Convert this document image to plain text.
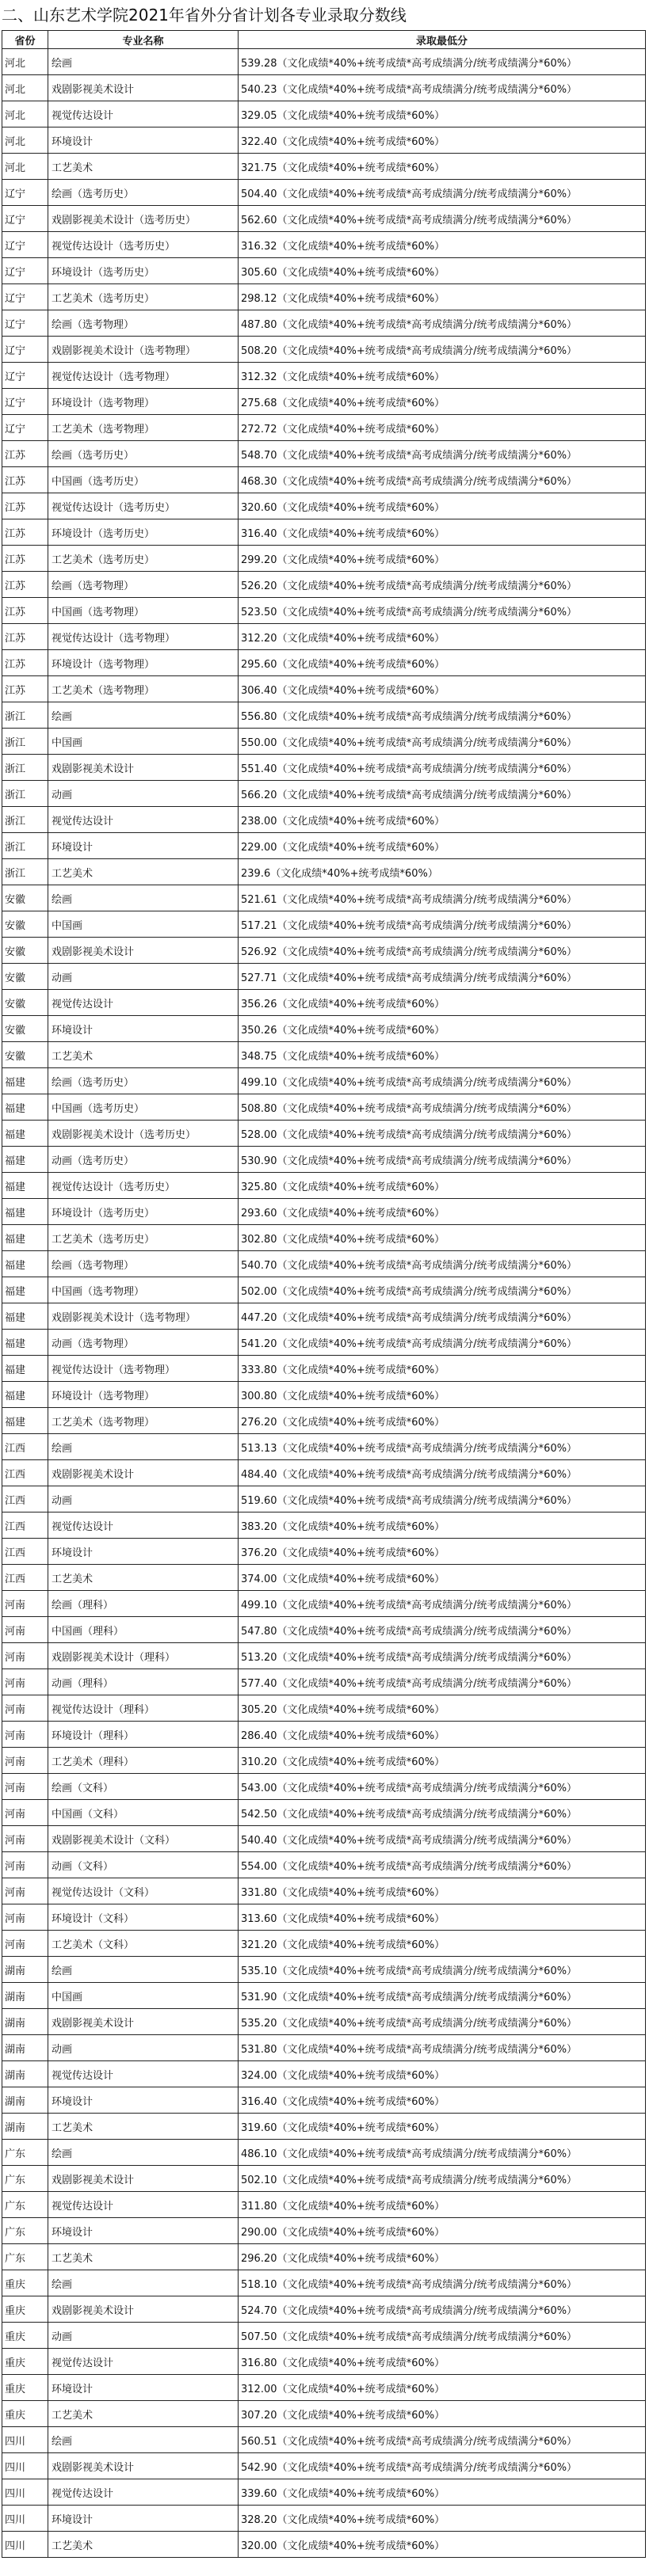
二、山东艺术学院2021年省外分省计划各专业录取分数线
省份	专业名称	录取最低分
河北	绘画	539.28（文化成绩*40%+统考成绩*高考成绩满分/统考成绩满分*60%）
河北	戏剧影视美术设计	540.23（文化成绩*40%+统考成绩*高考成绩满分/统考成绩满分*60%）
河北	视觉传达设计	329.05（文化成绩*40%+统考成绩*60%）
河北	环境设计	322.40（文化成绩*40%+统考成绩*60%）
河北	工艺美术	321.75（文化成绩*40%+统考成绩*60%）
辽宁	绘画（选考历史）	504.40（文化成绩*40%+统考成绩*高考成绩满分/统考成绩满分*60%）
辽宁	戏剧影视美术设计（选考历史）	562.60（文化成绩*40%+统考成绩*高考成绩满分/统考成绩满分*60%）
辽宁	视觉传达设计（选考历史）	316.32（文化成绩*40%+统考成绩*60%）
辽宁	环境设计（选考历史）	305.60（文化成绩*40%+统考成绩*60%）
辽宁	工艺美术（选考历史）	298.12（文化成绩*40%+统考成绩*60%）
辽宁	绘画（选考物理）	487.80（文化成绩*40%+统考成绩*高考成绩满分/统考成绩满分*60%）
辽宁	戏剧影视美术设计（选考物理）	508.20（文化成绩*40%+统考成绩*高考成绩满分/统考成绩满分*60%）
辽宁	视觉传达设计（选考物理）	312.32（文化成绩*40%+统考成绩*60%）
辽宁	环境设计（选考物理）	275.68（文化成绩*40%+统考成绩*60%）
辽宁	工艺美术（选考物理）	272.72（文化成绩*40%+统考成绩*60%）
江苏	绘画（选考历史）	548.70（文化成绩*40%+统考成绩*高考成绩满分/统考成绩满分*60%）
江苏	中国画（选考历史）	468.30（文化成绩*40%+统考成绩*高考成绩满分/统考成绩满分*60%）
江苏	视觉传达设计（选考历史）	320.60（文化成绩*40%+统考成绩*60%）
江苏	环境设计（选考历史）	316.40（文化成绩*40%+统考成绩*60%）
江苏	工艺美术（选考历史）	299.20（文化成绩*40%+统考成绩*60%）
江苏	绘画（选考物理）	526.20（文化成绩*40%+统考成绩*高考成绩满分/统考成绩满分*60%）
江苏	中国画（选考物理）	523.50（文化成绩*40%+统考成绩*高考成绩满分/统考成绩满分*60%）
江苏	视觉传达设计（选考物理）	312.20（文化成绩*40%+统考成绩*60%）
江苏	环境设计（选考物理）	295.60（文化成绩*40%+统考成绩*60%）
江苏	工艺美术（选考物理）	306.40（文化成绩*40%+统考成绩*60%）
浙江	绘画	556.80（文化成绩*40%+统考成绩*高考成绩满分/统考成绩满分*60%）
浙江	中国画	550.00（文化成绩*40%+统考成绩*高考成绩满分/统考成绩满分*60%）
浙江	戏剧影视美术设计	551.40（文化成绩*40%+统考成绩*高考成绩满分/统考成绩满分*60%）
浙江	动画	566.20（文化成绩*40%+统考成绩*高考成绩满分/统考成绩满分*60%）
浙江	视觉传达设计	238.00（文化成绩*40%+统考成绩*60%）
浙江	环境设计	229.00（文化成绩*40%+统考成绩*60%）
浙江	工艺美术	239.6（文化成绩*40%+统考成绩*60%）
安徽	绘画	521.61（文化成绩*40%+统考成绩*高考成绩满分/统考成绩满分*60%）
安徽	中国画	517.21（文化成绩*40%+统考成绩*高考成绩满分/统考成绩满分*60%）
安徽	戏剧影视美术设计	526.92（文化成绩*40%+统考成绩*高考成绩满分/统考成绩满分*60%）
安徽	动画	527.71（文化成绩*40%+统考成绩*高考成绩满分/统考成绩满分*60%）
安徽	视觉传达设计	356.26（文化成绩*40%+统考成绩*60%）
安徽	环境设计	350.26（文化成绩*40%+统考成绩*60%）
安徽	工艺美术	348.75（文化成绩*40%+统考成绩*60%）
福建	绘画（选考历史）	499.10（文化成绩*40%+统考成绩*高考成绩满分/统考成绩满分*60%）
福建	中国画（选考历史）	508.80（文化成绩*40%+统考成绩*高考成绩满分/统考成绩满分*60%）
福建	戏剧影视美术设计（选考历史）	528.00（文化成绩*40%+统考成绩*高考成绩满分/统考成绩满分*60%）
福建	动画（选考历史）	530.90（文化成绩*40%+统考成绩*高考成绩满分/统考成绩满分*60%）
福建	视觉传达设计（选考历史）	325.80（文化成绩*40%+统考成绩*60%）
福建	环境设计（选考历史）	293.60（文化成绩*40%+统考成绩*60%）
福建	工艺美术（选考历史）	302.80（文化成绩*40%+统考成绩*60%）
福建	绘画（选考物理）	540.70（文化成绩*40%+统考成绩*高考成绩满分/统考成绩满分*60%）
福建	中国画（选考物理）	502.00（文化成绩*40%+统考成绩*高考成绩满分/统考成绩满分*60%）
福建	戏剧影视美术设计（选考物理）	447.20（文化成绩*40%+统考成绩*高考成绩满分/统考成绩满分*60%）
福建	动画（选考物理）	541.20（文化成绩*40%+统考成绩*高考成绩满分/统考成绩满分*60%）
福建	视觉传达设计（选考物理）	333.80（文化成绩*40%+统考成绩*60%）
福建	环境设计（选考物理）	300.80（文化成绩*40%+统考成绩*60%）
福建	工艺美术（选考物理）	276.20（文化成绩*40%+统考成绩*60%）
江西	绘画	513.13（文化成绩*40%+统考成绩*高考成绩满分/统考成绩满分*60%）
江西	戏剧影视美术设计	484.40（文化成绩*40%+统考成绩*高考成绩满分/统考成绩满分*60%）
江西	动画	519.60（文化成绩*40%+统考成绩*高考成绩满分/统考成绩满分*60%）
江西	视觉传达设计	383.20（文化成绩*40%+统考成绩*60%）
江西	环境设计	376.20（文化成绩*40%+统考成绩*60%）
江西	工艺美术	374.00（文化成绩*40%+统考成绩*60%）
河南	绘画（理科）	499.10（文化成绩*40%+统考成绩*高考成绩满分/统考成绩满分*60%）
河南	中国画（理科）	547.80（文化成绩*40%+统考成绩*高考成绩满分/统考成绩满分*60%）
河南	戏剧影视美术设计（理科）	513.20（文化成绩*40%+统考成绩*高考成绩满分/统考成绩满分*60%）
河南	动画（理科）	577.40（文化成绩*40%+统考成绩*高考成绩满分/统考成绩满分*60%）
河南	视觉传达设计（理科）	305.20（文化成绩*40%+统考成绩*60%）
河南	环境设计（理科）	286.40（文化成绩*40%+统考成绩*60%）
河南	工艺美术（理科）	310.20（文化成绩*40%+统考成绩*60%）
河南	绘画（文科）	543.00（文化成绩*40%+统考成绩*高考成绩满分/统考成绩满分*60%）
河南	中国画（文科）	542.50（文化成绩*40%+统考成绩*高考成绩满分/统考成绩满分*60%）
河南	戏剧影视美术设计（文科）	540.40（文化成绩*40%+统考成绩*高考成绩满分/统考成绩满分*60%）
河南	动画（文科）	554.00（文化成绩*40%+统考成绩*高考成绩满分/统考成绩满分*60%）
河南	视觉传达设计（文科）	331.80（文化成绩*40%+统考成绩*60%）
河南	环境设计（文科）	313.60（文化成绩*40%+统考成绩*60%）
河南	工艺美术（文科）	321.20（文化成绩*40%+统考成绩*60%）
湖南	绘画	535.10（文化成绩*40%+统考成绩*高考成绩满分/统考成绩满分*60%）
湖南	中国画	531.90（文化成绩*40%+统考成绩*高考成绩满分/统考成绩满分*60%）
湖南	戏剧影视美术设计	535.20（文化成绩*40%+统考成绩*高考成绩满分/统考成绩满分*60%）
湖南	动画	531.80（文化成绩*40%+统考成绩*高考成绩满分/统考成绩满分*60%）
湖南	视觉传达设计	324.00（文化成绩*40%+统考成绩*60%）
湖南	环境设计	316.40（文化成绩*40%+统考成绩*60%）
湖南	工艺美术	319.60（文化成绩*40%+统考成绩*60%）
广东	绘画	486.10（文化成绩*40%+统考成绩*高考成绩满分/统考成绩满分*60%）
广东	戏剧影视美术设计	502.10（文化成绩*40%+统考成绩*高考成绩满分/统考成绩满分*60%）
广东	视觉传达设计	311.80（文化成绩*40%+统考成绩*60%）
广东	环境设计	290.00（文化成绩*40%+统考成绩*60%）
广东	工艺美术	296.20（文化成绩*40%+统考成绩*60%）
重庆	绘画	518.10（文化成绩*40%+统考成绩*高考成绩满分/统考成绩满分*60%）
重庆	戏剧影视美术设计	524.70（文化成绩*40%+统考成绩*高考成绩满分/统考成绩满分*60%）
重庆	动画	507.50（文化成绩*40%+统考成绩*高考成绩满分/统考成绩满分*60%）
重庆	视觉传达设计	316.80（文化成绩*40%+统考成绩*60%）
重庆	环境设计	312.00（文化成绩*40%+统考成绩*60%）
重庆	工艺美术	307.20（文化成绩*40%+统考成绩*60%）
四川	绘画	560.51（文化成绩*40%+统考成绩*高考成绩满分/统考成绩满分*60%）
四川	戏剧影视美术设计	542.90（文化成绩*40%+统考成绩*高考成绩满分/统考成绩满分*60%）
四川	视觉传达设计	339.60（文化成绩*40%+统考成绩*60%）
四川	环境设计	328.20（文化成绩*40%+统考成绩*60%）
四川	工艺美术	320.00（文化成绩*40%+统考成绩*60%）
